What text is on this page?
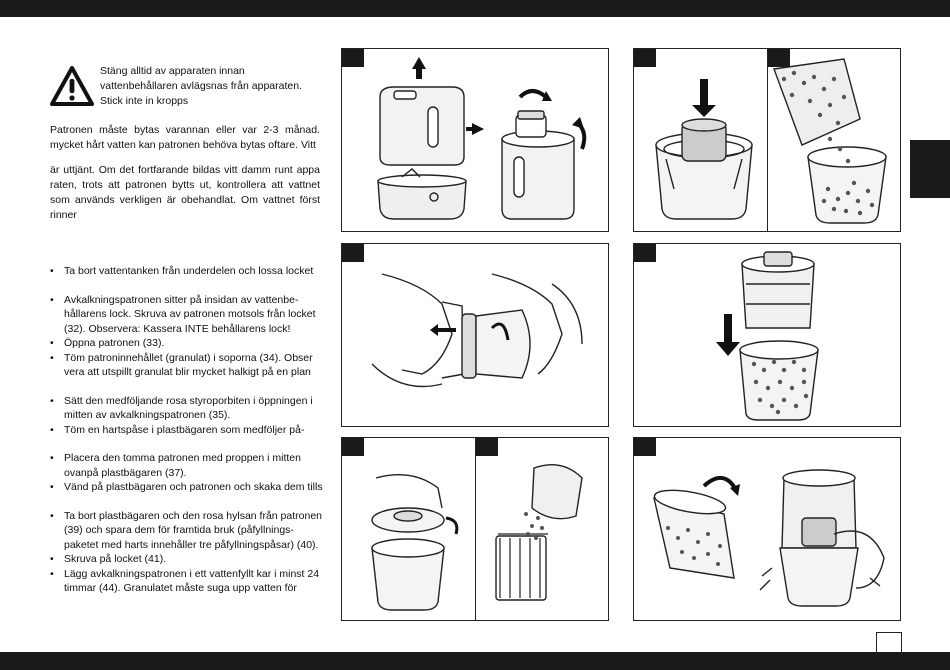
Stäng alltid av apparaten innan vattenbehållaren avlägsnas från apparaten. Stick inte in kropps
Patronen måste bytas varannan eller var 2-3 månad. mycket hårt vatten kan patronen behöva bytas oftare. Vitt
är uttjänt. Om det fortfarande bildas vitt damm runt appa raten, trots att patronen bytts ut, kontrollera att vattnet som används verkligen är obehandlat. Om vattnet först rinner
• Ta bort vattentanken från underdelen och lossa locket
• Avkalkningspatronen sitter på insidan av vattenbe-hållarens lock. Skruva av patronen motsols från locket (32). Observera: Kassera INTE behållarens lock!
• Öppna patronen (33).
• Töm patroninnehållet (granulat) i soporna (34). Obser vera att utspillt granulat blir mycket halkigt på en plan
• Sätt den medföljande rosa styroporbiten i öppningen i mitten av avkalkningspatronen (35).
• Töm en hartspåse i plastbägaren som medföljer på-
• Placera den tomma patronen med proppen i mitten ovanpå plastbägaren (37).
• Vänd på plastbägaren och patronen och skaka dem tills
• Ta bort plastbägaren och den rosa hylsan från patronen (39) och spara dem för framtida bruk (påfyllnings-paketet med harts innehåller tre påfyllningspåsar) (40).
• Skruva på locket (41).
• Lägg avkalkningspatronen i ett vattenfyllt kar i minst 24 timmar (44). Granulatet måste suga upp vatten för
